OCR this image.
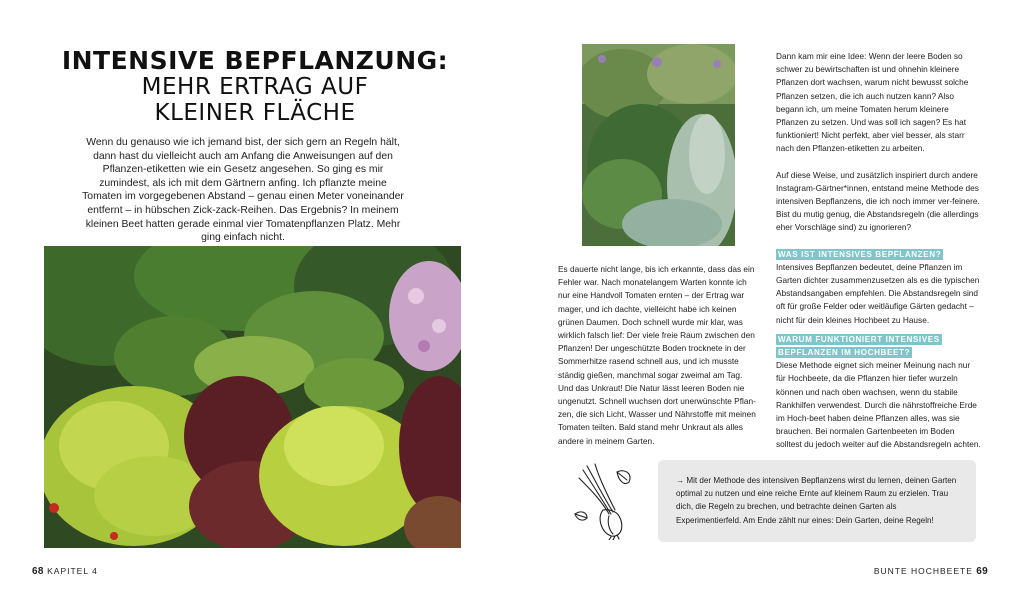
INTENSIVE BEPFLANZUNG:
MEHR ERTRAG AUF
KLEINER FLÄCHE

Wenn du genauso wie ich jemand bist, der sich gern an Regeln hält, dann hast du vielleicht auch am Anfang die Anweisungen auf den Pflanzen-etiketten wie ein Gesetz angesehen. So ging es mir zumindest, als ich mit dem Gärtnern anfing. Ich pflanzte meine Tomaten im vorgegebenen Abstand – genau einen Meter voneinander entfernt – in hübschen Zick-zack-Reihen. Das Ergebnis? In meinem kleinen Beet hatten gerade einmal vier Tomatenpflanzen Platz. Mehr ging einfach nicht.

68 KAPITEL 4

Es dauerte nicht lange, bis ich erkannte, dass das ein Fehler war. Nach monatelangem Warten konnte ich nur eine Handvoll Tomaten ernten – der Ertrag war mager, und ich dachte, vielleicht habe ich keinen grünen Daumen. Doch schnell wurde mir klar, was wirklich falsch lief: Der viele freie Raum zwischen den Pflanzen! Der ungeschützte Boden trocknete in der Sommerhitze rasend schnell aus, und ich musste ständig gießen, manchmal sogar zweimal am Tag.

Und das Unkraut! Die Natur lässt leeren Boden nie ungenutzt. Schnell wuchsen dort unerwünschte Pflan-zen, die sich Licht, Wasser und Nährstoffe mit meinen Tomaten teilten. Bald stand mehr Unkraut als alles andere in meinem Garten.

Dann kam mir eine Idee: Wenn der leere Boden so schwer zu bewirtschaften ist und ohnehin kleinere Pflanzen dort wachsen, warum nicht bewusst solche Pflanzen setzen, die ich auch nutzen kann? Also begann ich, um meine Tomaten herum kleinere Pflanzen zu setzen. Und was soll ich sagen? Es hat funktioniert! Nicht perfekt, aber viel besser, als starr nach den Pflanzen-etiketten zu arbeiten.

Auf diese Weise, und zusätzlich inspiriert durch andere Instagram-Gärtner*innen, entstand meine Methode des intensiven Bepflanzens, die ich noch immer ver-feinere. Bist du mutig genug, die Abstandsregeln (die allerdings eher Vorschläge sind) zu ignorieren?

WAS IST INTENSIVES BEPFLANZEN?

Intensives Bepflanzen bedeutet, deine Pflanzen im Garten dichter zusammenzusetzen als es die typischen Abstandsangaben empfehlen. Die Abstandsregeln sind oft für große Felder oder weitläufige Gärten gedacht – nicht für dein kleines Hochbeet zu Hause.

WARUM FUNKTIONIERT INTENSIVES BEPFLANZEN IM HOCHBEET?

Diese Methode eignet sich meiner Meinung nach nur für Hochbeete, da die Pflanzen hier tiefer wurzeln können und nach oben wachsen, wenn du stabile Rankhilfen verwendest. Durch die nährstoffreiche Erde im Hoch-beet haben deine Pflanzen alles, was sie brauchen. Bei normalen Gartenbeeten im Boden solltest du jedoch weiter auf die Abstandsregeln achten.

→ Mit der Methode des intensiven Bepflanzens wirst du lernen, deinen Garten optimal zu nutzen und eine reiche Ernte auf kleinem Raum zu erzielen. Trau dich, die Regeln zu brechen, und betrachte deinen Garten als Experimentierfeld. Am Ende zählt nur eines: Dein Garten, deine Regeln!
BUNTE HOCHBEETE 69
